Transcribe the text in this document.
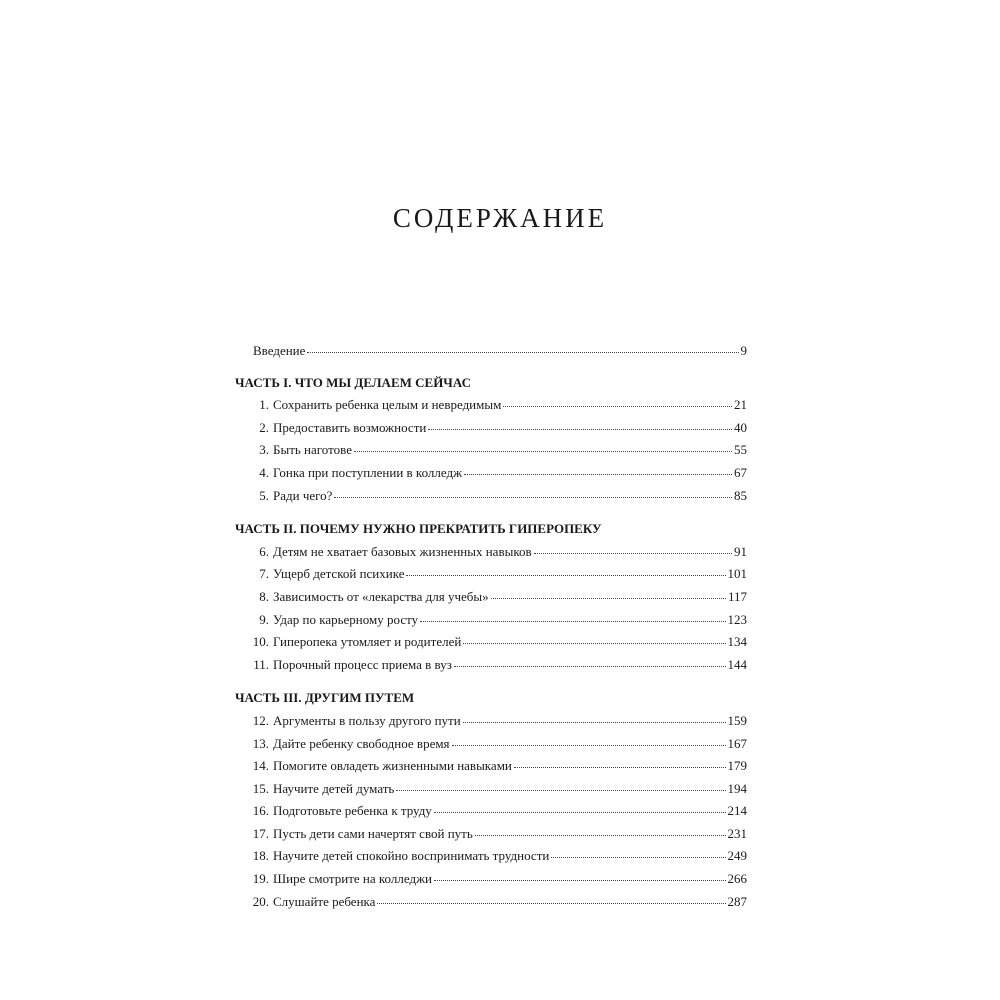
СОДЕРЖАНИЕ
Введение	9
ЧАСТЬ I. ЧТО МЫ ДЕЛАЕМ СЕЙЧАС
1. Сохранить ребенка целым и невредимым	21
2. Предоставить возможности	40
3. Быть наготове	55
4. Гонка при поступлении в колледж	67
5. Ради чего?	85
ЧАСТЬ II. ПОЧЕМУ НУЖНО ПРЕКРАТИТЬ ГИПЕРОПЕКУ
6. Детям не хватает базовых жизненных навыков	91
7. Ущерб детской психике	101
8. Зависимость от «лекарства для учебы»	117
9. Удар по карьерному росту	123
10. Гиперопека утомляет и родителей	134
11. Порочный процесс приема в вуз	144
ЧАСТЬ III. ДРУГИМ ПУТЕМ
12. Аргументы в пользу другого пути	159
13. Дайте ребенку свободное время	167
14. Помогите овладеть жизненными навыками	179
15. Научите детей думать	194
16. Подготовьте ребенка к труду	214
17. Пусть дети сами начертят свой путь	231
18. Научите детей спокойно воспринимать трудности	249
19. Шире смотрите на колледжи	266
20. Слушайте ребенка	287
